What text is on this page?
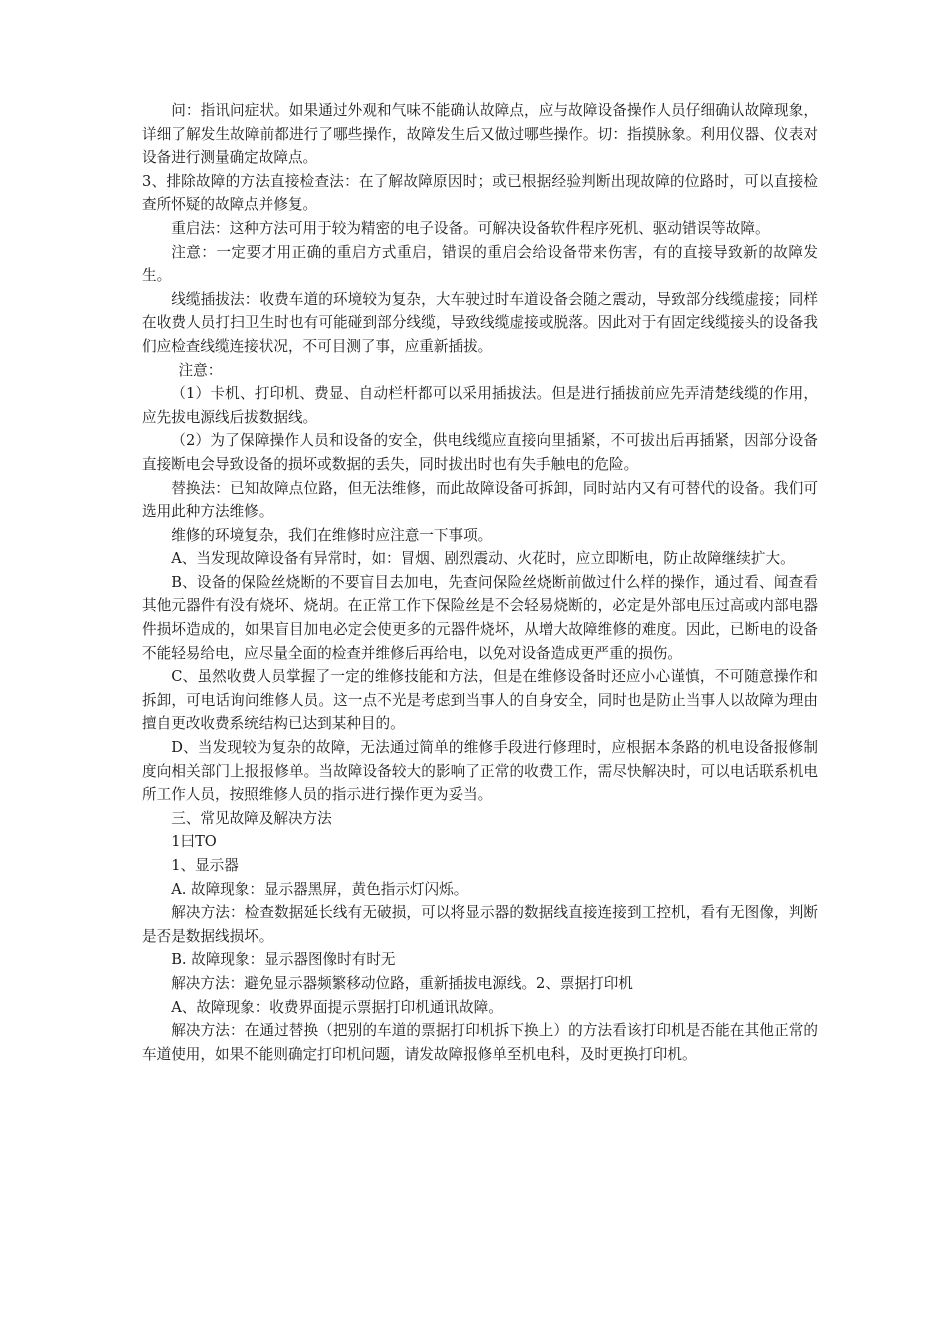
问：指讯问症状。如果通过外观和气味不能确认故障点，应与故障设备操作人员仔细确认故障现象，详细了解发生故障前都进行了哪些操作，故障发生后又做过哪些操作。切：指摸脉象。利用仪器、仪表对设备进行测量确定故障点。

3、排除故障的方法直接检查法：在了解故障原因时；或已根据经验判断出现故障的位路时，可以直接检查所怀疑的故障点并修复。

重启法：这种方法可用于较为精密的电子设备。可解决设备软件程序死机、驱动错误等故障。

注意：一定要才用正确的重启方式重启，错误的重启会给设备带来伤害，有的直接导致新的故障发生。

线缆插拔法：收费车道的环境较为复杂，大车驶过时车道设备会随之震动，导致部分线缆虚接；同样在收费人员打扫卫生时也有可能碰到部分线缆，导致线缆虚接或脱落。因此对于有固定线缆接头的设备我们应检查线缆连接状况，不可目测了事，应重新插拔。

注意：

（1）卡机、打印机、费显、自动栏杆都可以采用插拔法。但是进行插拔前应先弄清楚线缆的作用，应先拔电源线后拔数据线。

（2）为了保障操作人员和设备的安全，供电线缆应直接向里插紧，不可拔出后再插紧，因部分设备直接断电会导致设备的损坏或数据的丢失，同时拔出时也有失手触电的危险。

替换法：已知故障点位路，但无法维修，而此故障设备可拆卸，同时站内又有可替代的设备。我们可选用此种方法维修。

维修的环境复杂，我们在维修时应注意一下事项。

A、当发现故障设备有异常时，如：冒烟、剧烈震动、火花时，应立即断电，防止故障继续扩大。

B、设备的保险丝烧断的不要盲目去加电，先查问保险丝烧断前做过什么样的操作，通过看、闻查看其他元器件有没有烧坏、烧胡。在正常工作下保险丝是不会轻易烧断的，必定是外部电压过高或内部电器件损坏造成的，如果盲目加电必定会使更多的元器件烧坏，从增大故障维修的难度。因此，已断电的设备不能轻易给电，应尽量全面的检查并维修后再给电，以免对设备造成更严重的损伤。

C、虽然收费人员掌握了一定的维修技能和方法，但是在维修设备时还应小心谨慎，不可随意操作和拆卸，可电话询问维修人员。这一点不光是考虑到当事人的自身安全，同时也是防止当事人以故障为理由擅自更改收费系统结构已达到某种目的。

D、当发现较为复杂的故障，无法通过简单的维修手段进行修理时，应根据本条路的机电设备报修制度向相关部门上报报修单。当故障设备较大的影响了正常的收费工作，需尽快解决时，可以电话联系机电所工作人员，按照维修人员的指示进行操作更为妥当。

三、常见故障及解决方法

1曰TO

1、显示器

A. 故障现象：显示器黑屏，黄色指示灯闪烁。

解决方法：检查数据延长线有无破损，可以将显示器的数据线直接连接到工控机，看有无图像，判断是否是数据线损坏。

B. 故障现象：显示器图像时有时无

解决方法：避免显示器频繁移动位路，重新插拔电源线。2、票据打印机

A、故障现象：收费界面提示票据打印机通讯故障。

解决方法：在通过替换（把别的车道的票据打印机拆下换上）的方法看该打印机是否能在其他正常的车道使用，如果不能则确定打印机问题，请发故障报修单至机电科，及时更换打印机。
